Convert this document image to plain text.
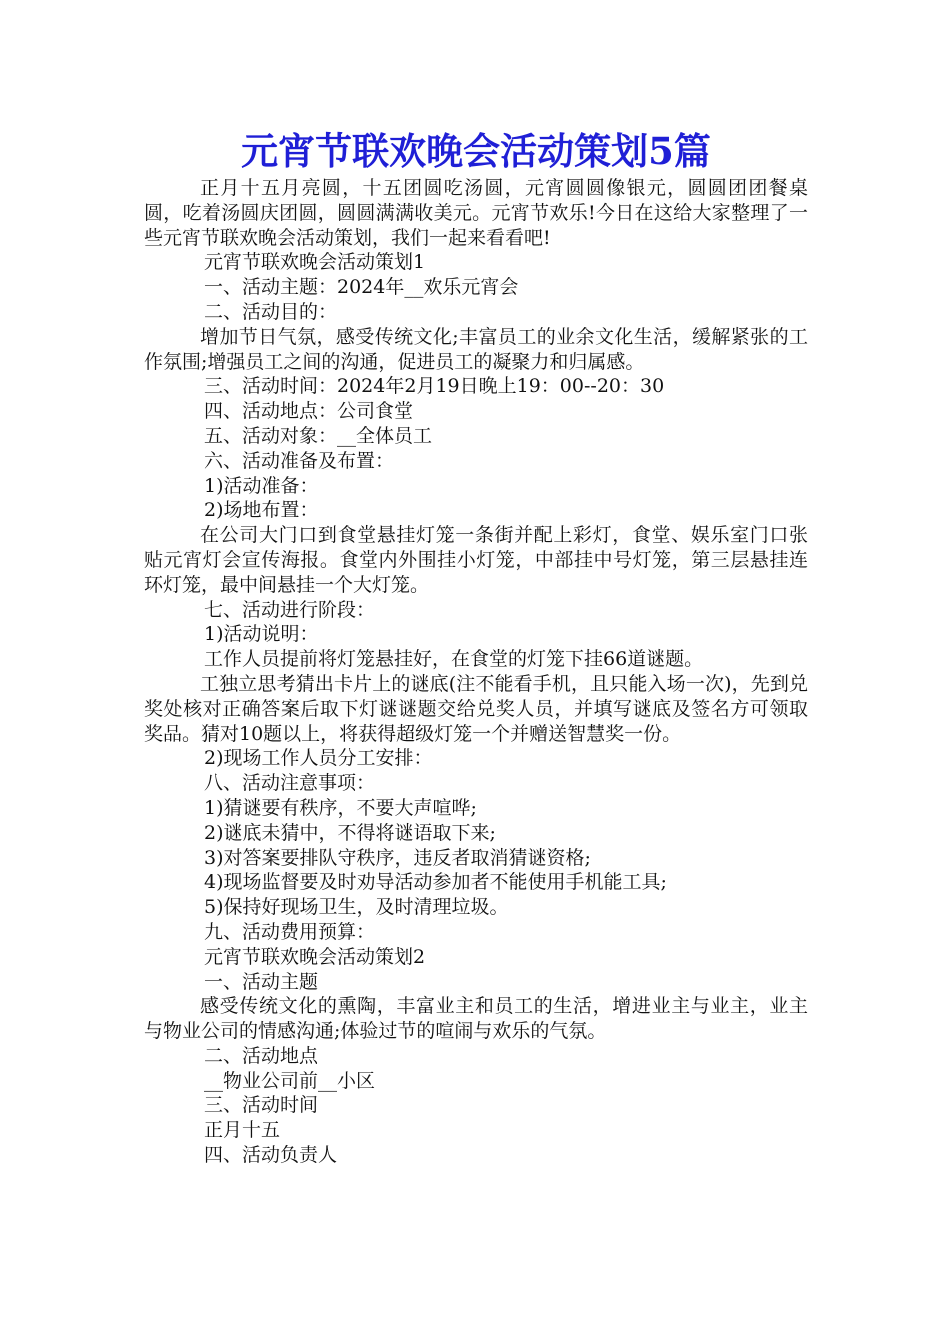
元宵节联欢晚会活动策划5篇

正月十五月亮圆，十五团圆吃汤圆，元宵圆圆像银元，圆圆团团餐桌圆，吃着汤圆庆团圆，圆圆满满收美元。元宵节欢乐!今日在这给大家整理了一些元宵节联欢晚会活动策划，我们一起来看看吧!

元宵节联欢晚会活动策划1

一、活动主题：2024年__欢乐元宵会

二、活动目的：

增加节日气氛，感受传统文化;丰富员工的业余文化生活，缓解紧张的工作氛围;增强员工之间的沟通，促进员工的凝聚力和归属感。

三、活动时间：2024年2月19日晚上19：00--20：30

四、活动地点：公司食堂

五、活动对象：__全体员工

六、活动准备及布置：

1)活动准备：

2)场地布置：

在公司大门口到食堂悬挂灯笼一条街并配上彩灯，食堂、娱乐室门口张贴元宵灯会宣传海报。食堂内外围挂小灯笼，中部挂中号灯笼，第三层悬挂连环灯笼，最中间悬挂一个大灯笼。

七、活动进行阶段：

1)活动说明：

工作人员提前将灯笼悬挂好，在食堂的灯笼下挂66道谜题。

工独立思考猜出卡片上的谜底(注不能看手机，且只能入场一次)，先到兑奖处核对正确答案后取下灯谜谜题交给兑奖人员，并填写谜底及签名方可领取奖品。猜对10题以上，将获得超级灯笼一个并赠送智慧奖一份。

2)现场工作人员分工安排：

八、活动注意事项：

1)猜谜要有秩序，不要大声喧哗;

2)谜底未猜中，不得将谜语取下来;

3)对答案要排队守秩序，违反者取消猜谜资格;

4)现场监督要及时劝导活动参加者不能使用手机能工具;

5)保持好现场卫生，及时清理垃圾。

九、活动费用预算：

元宵节联欢晚会活动策划2

一、活动主题

感受传统文化的熏陶，丰富业主和员工的生活，增进业主与业主，业主与物业公司的情感沟通;体验过节的喧闹与欢乐的气氛。

二、活动地点

__物业公司前__小区

三、活动时间

正月十五

四、活动负责人
